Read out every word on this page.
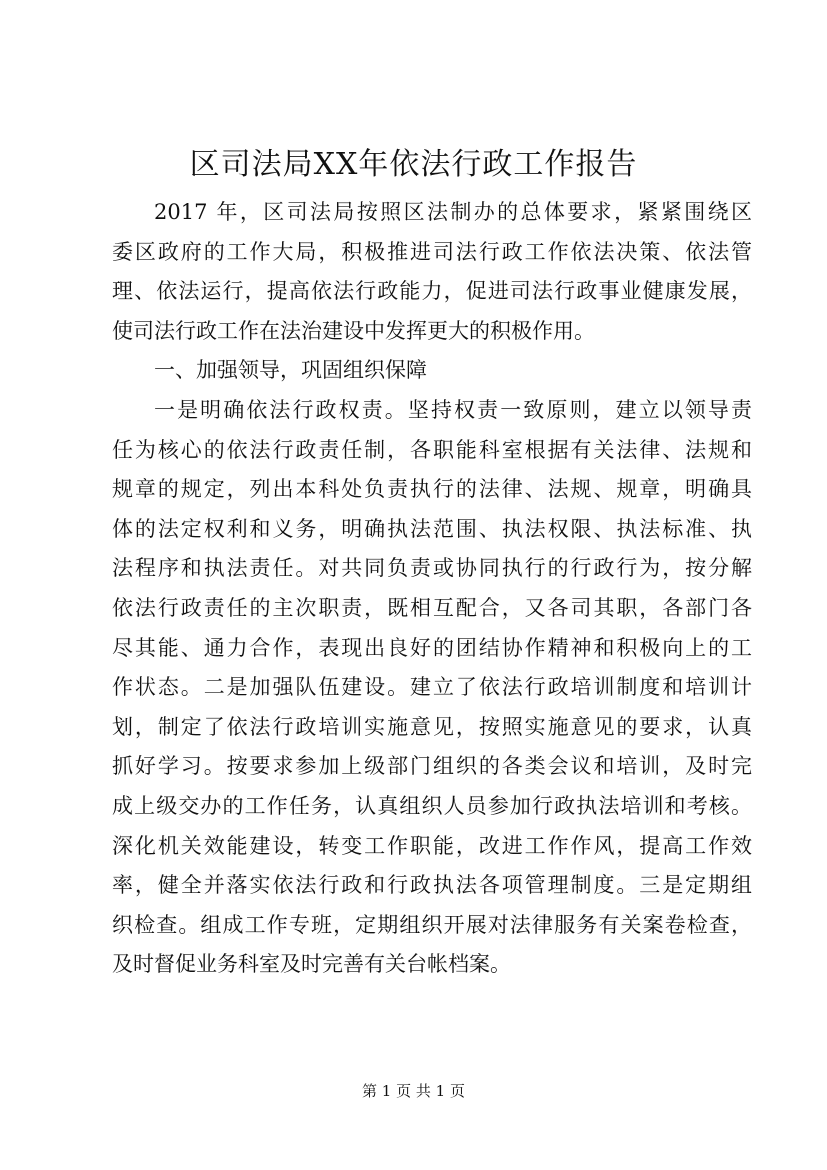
区司法局XX年依法行政工作报告
2017 年，区司法局按照区法制办的总体要求，紧紧围绕区
委区政府的工作大局，积极推进司法行政工作依法决策、依法管
理、依法运行，提高依法行政能力，促进司法行政事业健康发展，
使司法行政工作在法治建设中发挥更大的积极作用。
一、加强领导，巩固组织保障
一是明确依法行政权责。坚持权责一致原则，建立以领导责
任为核心的依法行政责任制，各职能科室根据有关法律、法规和
规章的规定，列出本科处负责执行的法律、法规、规章，明确具
体的法定权利和义务，明确执法范围、执法权限、执法标准、执
法程序和执法责任。对共同负责或协同执行的行政行为，按分解
依法行政责任的主次职责，既相互配合，又各司其职，各部门各
尽其能、通力合作，表现出良好的团结协作精神和积极向上的工
作状态。二是加强队伍建设。建立了依法行政培训制度和培训计
划，制定了依法行政培训实施意见，按照实施意见的要求，认真
抓好学习。按要求参加上级部门组织的各类会议和培训，及时完
成上级交办的工作任务，认真组织人员参加行政执法培训和考核。
深化机关效能建设，转变工作职能，改进工作作风，提高工作效
率，健全并落实依法行政和行政执法各项管理制度。三是定期组
织检查。组成工作专班，定期组织开展对法律服务有关案卷检查，
及时督促业务科室及时完善有关台帐档案。
第 1 页 共 1 页
